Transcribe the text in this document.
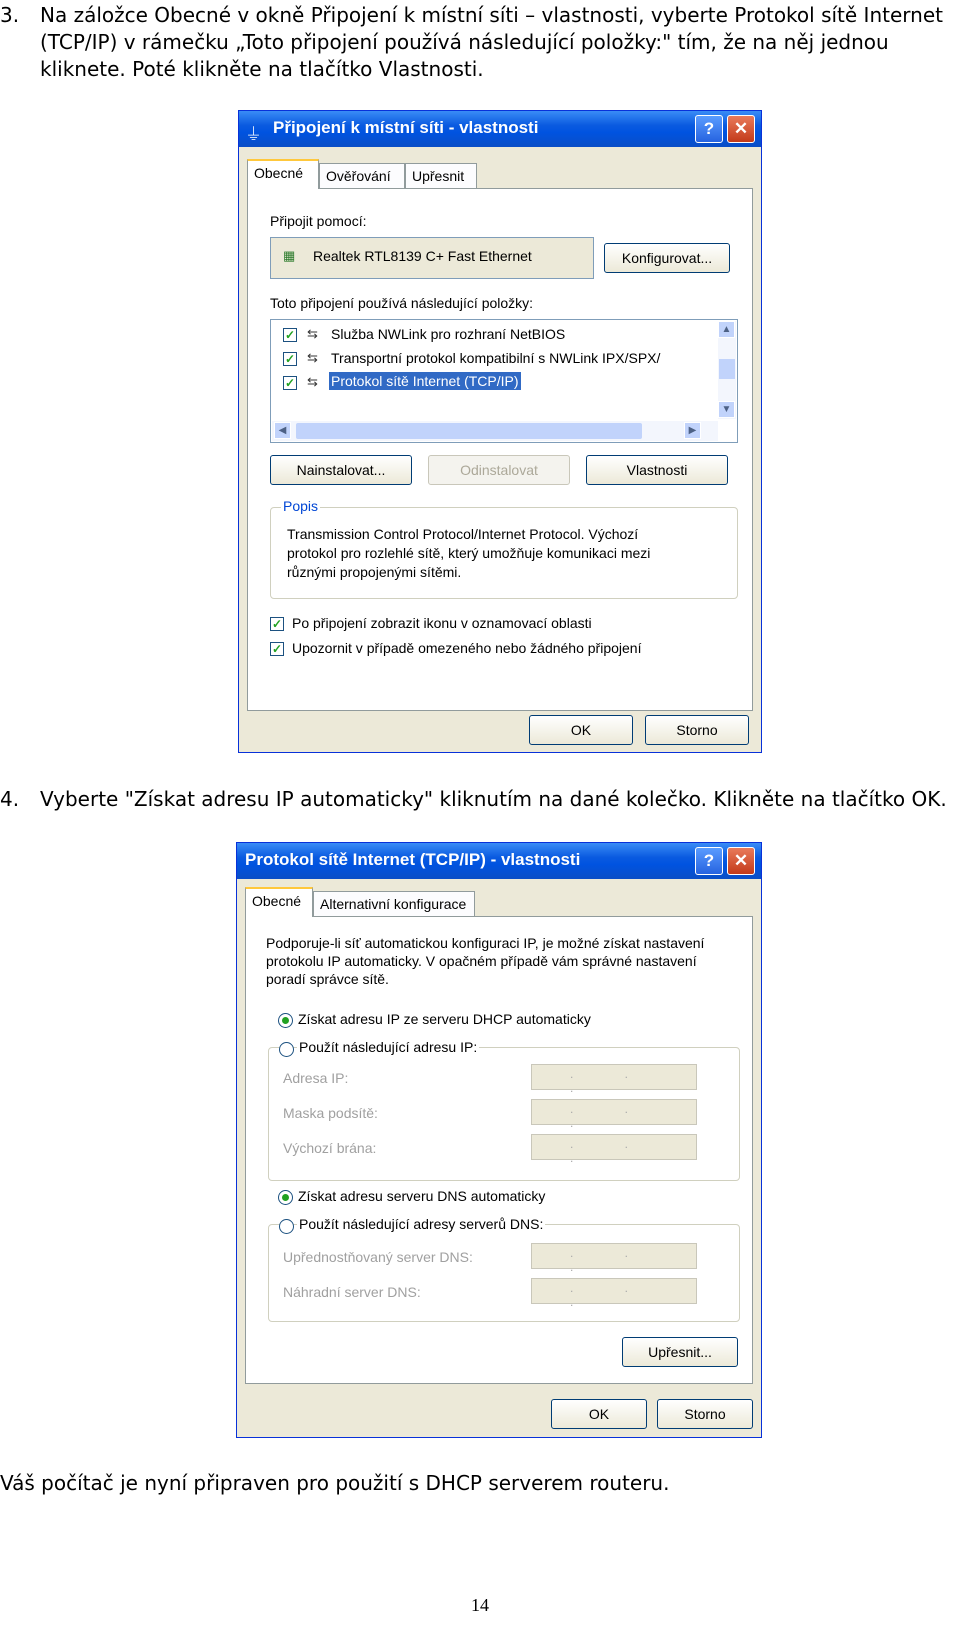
3. Na záložce Obecné v okně Připojení k místní síti – vlastnosti, vyberte Protokol sítě Internet
(TCP/IP) v rámečku „Toto připojení používá následující položky:" tím, že na něj jednou
kliknete. Poté klikněte na tlačítko Vlastnosti.
⏚ Připojení k místní síti - vlastnosti	?	✕
Obecné	Ověřování	Upřesnit
Připojit pomocí:
▦ Realtek RTL8139 C+ Fast Ethernet	Konfigurovat...
Toto připojení používá následující položky:
✓ ⇆ Služba NWLink pro rozhraní NetBIOS
✓ ⇆ Transportní protokol kompatibilní s NWLink IPX/SPX/
✓ ⇆ Protokol sítě Internet (TCP/IP)
▲
▼
◀	▶
Nainstalovat...	Odinstalovat	Vlastnosti
Popis
Transmission Control Protocol/Internet Protocol. Výchozí
protokol pro rozlehlé sítě, který umožňuje komunikaci mezi
různými propojenými sítěmi.
✓ Po připojení zobrazit ikonu v oznamovací oblasti
✓ Upozornit v případě omezeného nebo žádného připojení
OK	Storno
4. Vyberte "Získat adresu IP automaticky" kliknutím na dané kolečko. Klikněte na tlačítko OK.
Protokol sítě Internet (TCP/IP) - vlastnosti	?	✕
Obecné	Alternativní konfigurace
Podporuje-li síť automatickou konfiguraci IP, je možné získat nastavení
protokolu IP automaticky. V opačném případě vám správné nastavení
poradí správce sítě.
Získat adresu IP ze serveru DHCP automaticky
Použít následující adresu IP:
Adresa IP:
. . .
Maska podsítě:
. . .
Výchozí brána:
. . .
Získat adresu serveru DNS automaticky
Použít následující adresy serverů DNS:
Upřednostňovaný server DNS:
. . .
Náhradní server DNS:
. . .
Upřesnit...
OK	Storno
Váš počítač je nyní připraven pro použití s DHCP serverem routeru.
14
